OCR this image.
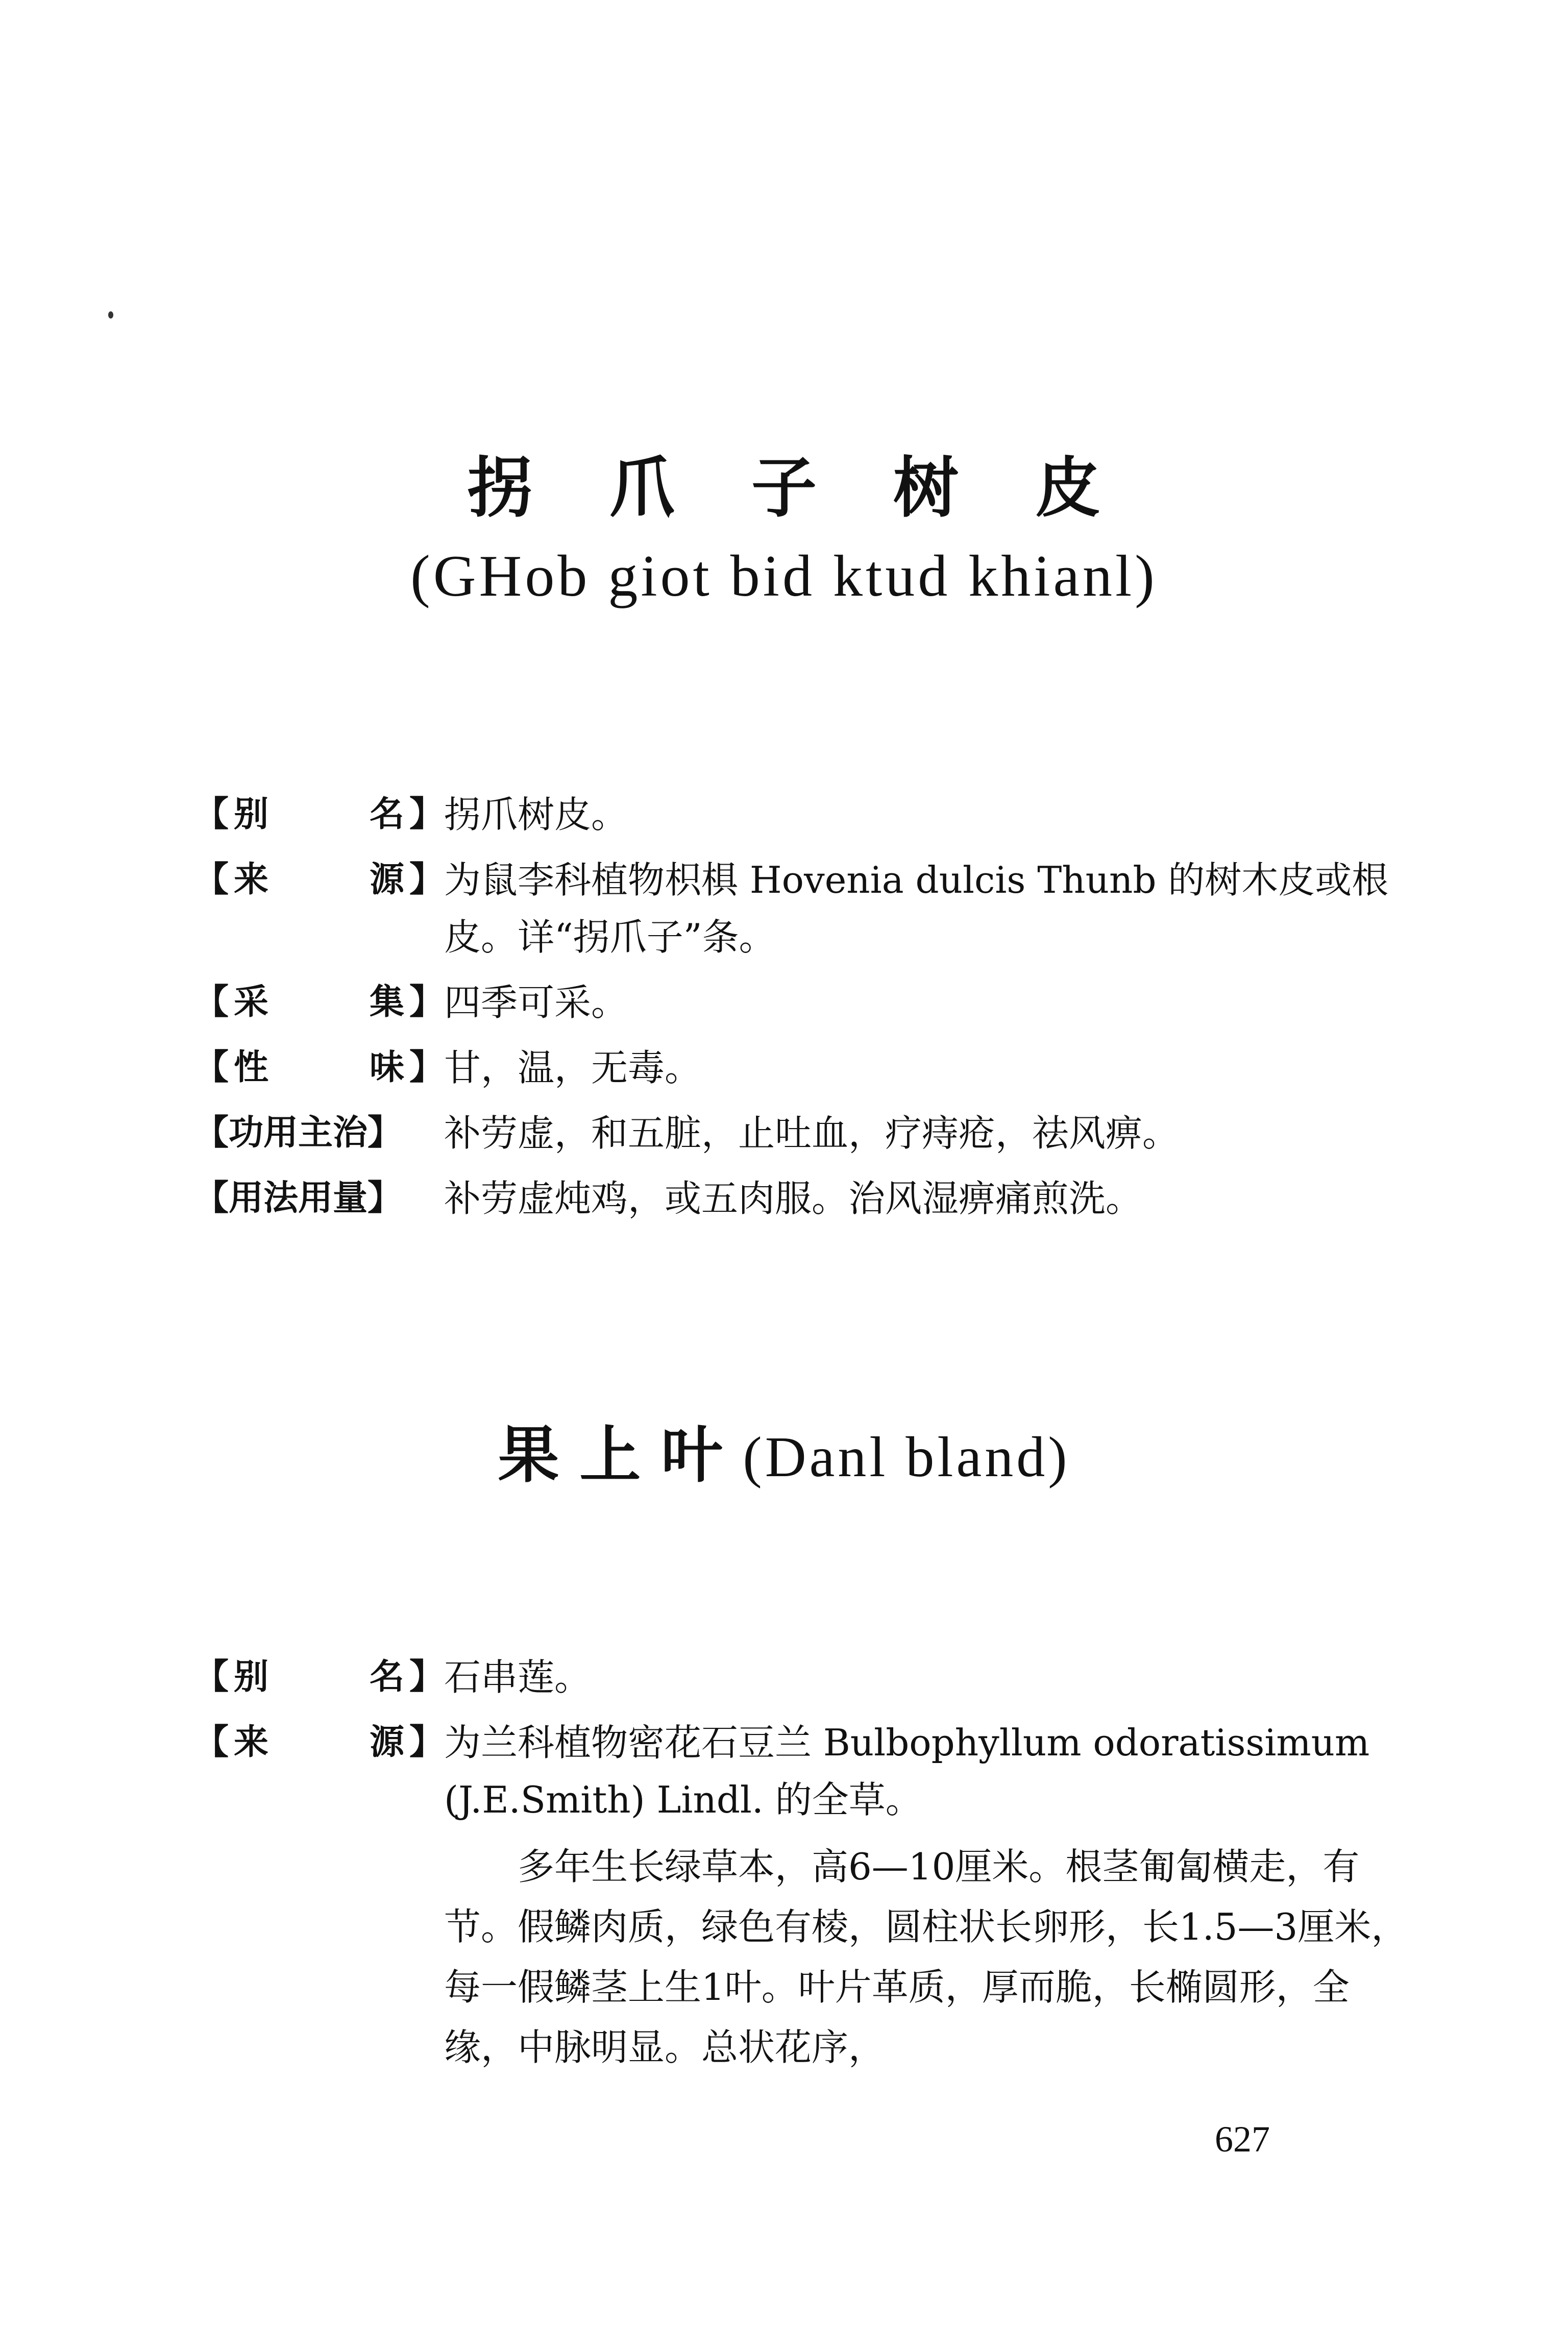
拐爪子树皮
(GHob giot bid ktud khianl)
【 别	名 】 拐爪树皮。
【 来	源 】 为鼠李科植物枳椇 Hovenia dulcis Thunb 的树木皮或根皮。详“拐爪子”条。
【 采	集 】 四季可采。
【 性	味 】 甘，温，无毒。
【功用主治】	补劳虚，和五脏，止吐血，疗痔疮，祛风痹。
【用法用量】	补劳虚炖鸡，或五肉服。治风湿痹痛煎洗。
果上叶(Danl bland)
【 别	名 】 石串莲。
【 来	源 】 为兰科植物密花石豆兰 Bulbophyllum odoratissimum (J.E.Smith) Lindl. 的全草。
多年生长绿草本，高6—10厘米。根茎匍匐横走，有节。假鳞肉质，绿色有棱，圆柱状长卵形，长1.5—3厘米，每一假鳞茎上生1叶。叶片革质，厚而脆，长椭圆形，全缘，中脉明显。总状花序，
627
